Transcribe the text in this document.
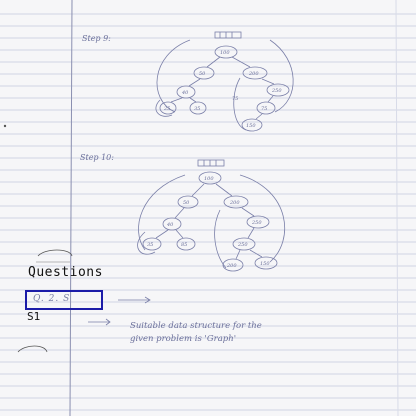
Step 9:
100
50	200
40
25
250
35	75
150
75
Step 10:
100
50	200
40	250
35	85	250
200	150
Suitable data structure for the
given problem is 'Graph'
Questions
Q. 2. S
S1
